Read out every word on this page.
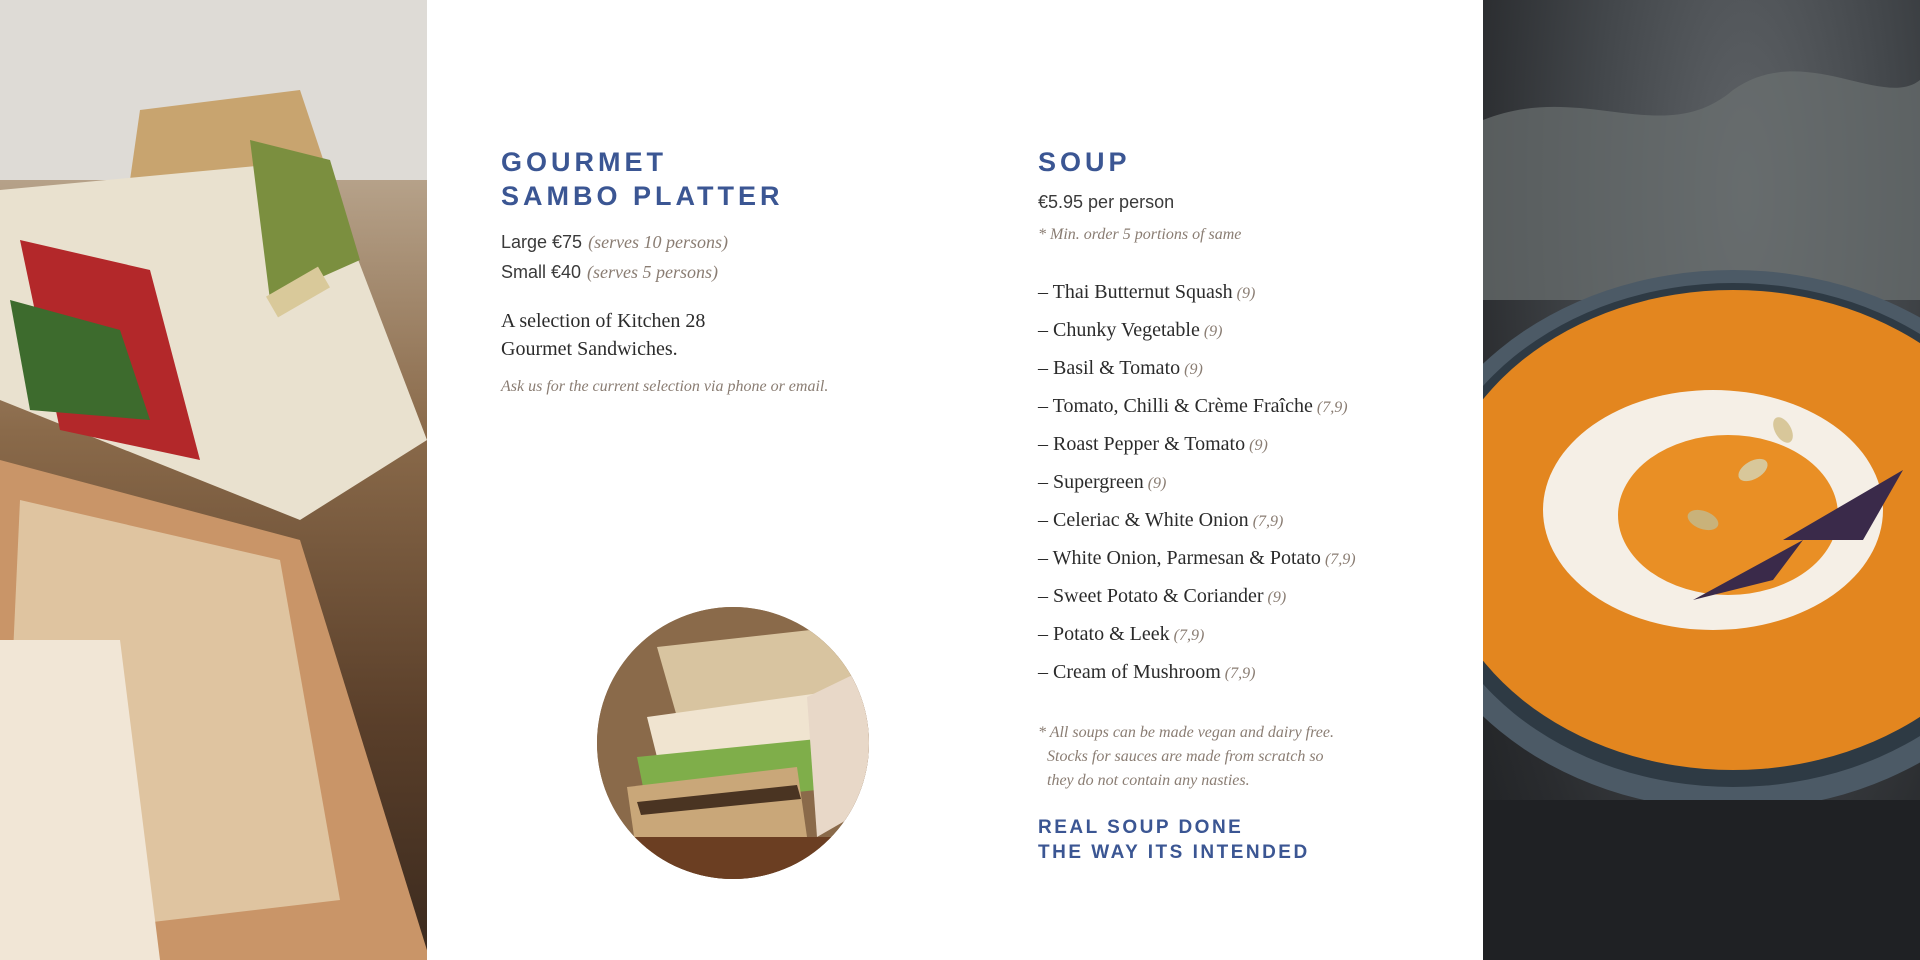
GOURMET
SAMBO PLATTER
Large €75 (serves 10 persons)
Small €40 (serves 5 persons)
A selection of Kitchen 28
Gourmet Sandwiches.
Ask us for the current selection via phone or email.
SOUP
€5.95 per person
* Min. order 5 portions of same
– Thai Butternut Squash (9)
– Chunky Vegetable (9)
– Basil & Tomato (9)
– Tomato, Chilli & Crème Fraîche (7,9)
– Roast Pepper & Tomato (9)
– Supergreen (9)
– Celeriac & White Onion (7,9)
– White Onion, Parmesan & Potato (7,9)
– Sweet Potato & Coriander (9)
– Potato & Leek (7,9)
– Cream of Mushroom (7,9)
* All soups can be made vegan and dairy free.
Stocks for sauces are made from scratch so
they do not contain any nasties.
REAL SOUP DONE
THE WAY ITS INTENDED
